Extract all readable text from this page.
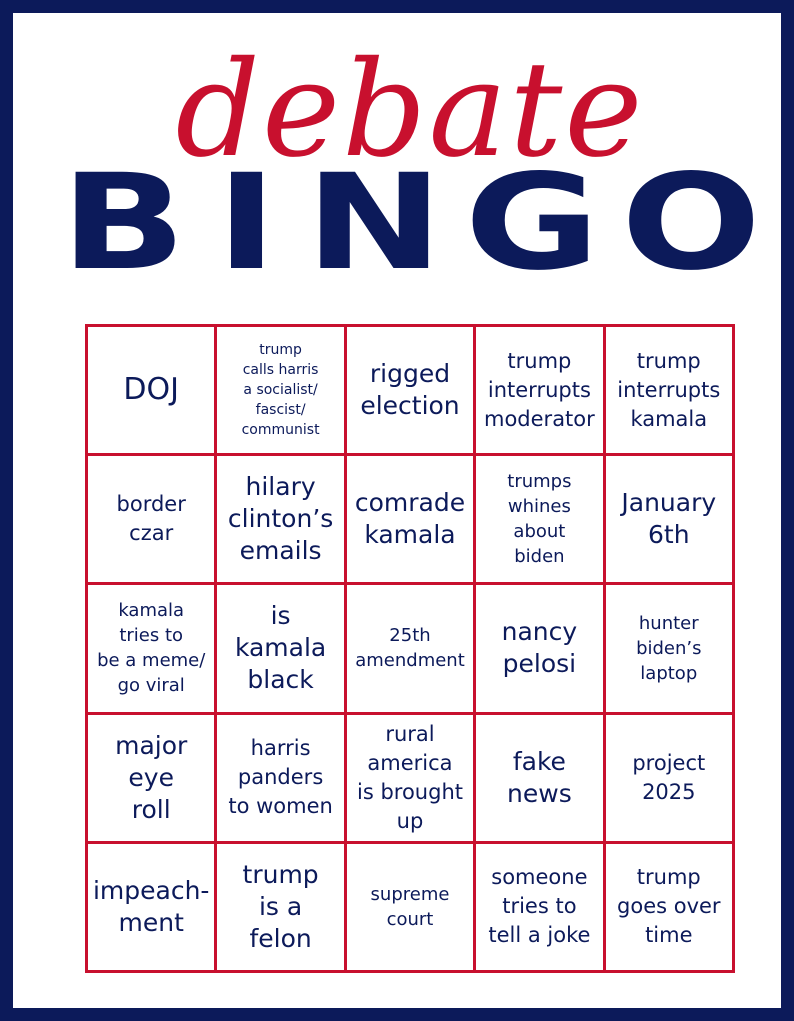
debate
B I N G O
DOJ
trump
calls harris
a socialist/
fascist/
communist
rigged
election
trump
interrupts
moderator
trump
interrupts
kamala
border
czar
hilary
clinton’s
emails
comrade
kamala
trumps
whines
about
biden
January
6th
kamala
tries to
be a meme/
go viral
is
kamala
black
25th
amendment
nancy
pelosi
hunter
biden’s
laptop
major
eye
roll
harris
panders
to women
rural
america
is brought
up
fake
news
project
2025
impeach-
ment
trump
is a
felon
supreme
court
someone
tries to
tell a joke
trump
goes over
time
